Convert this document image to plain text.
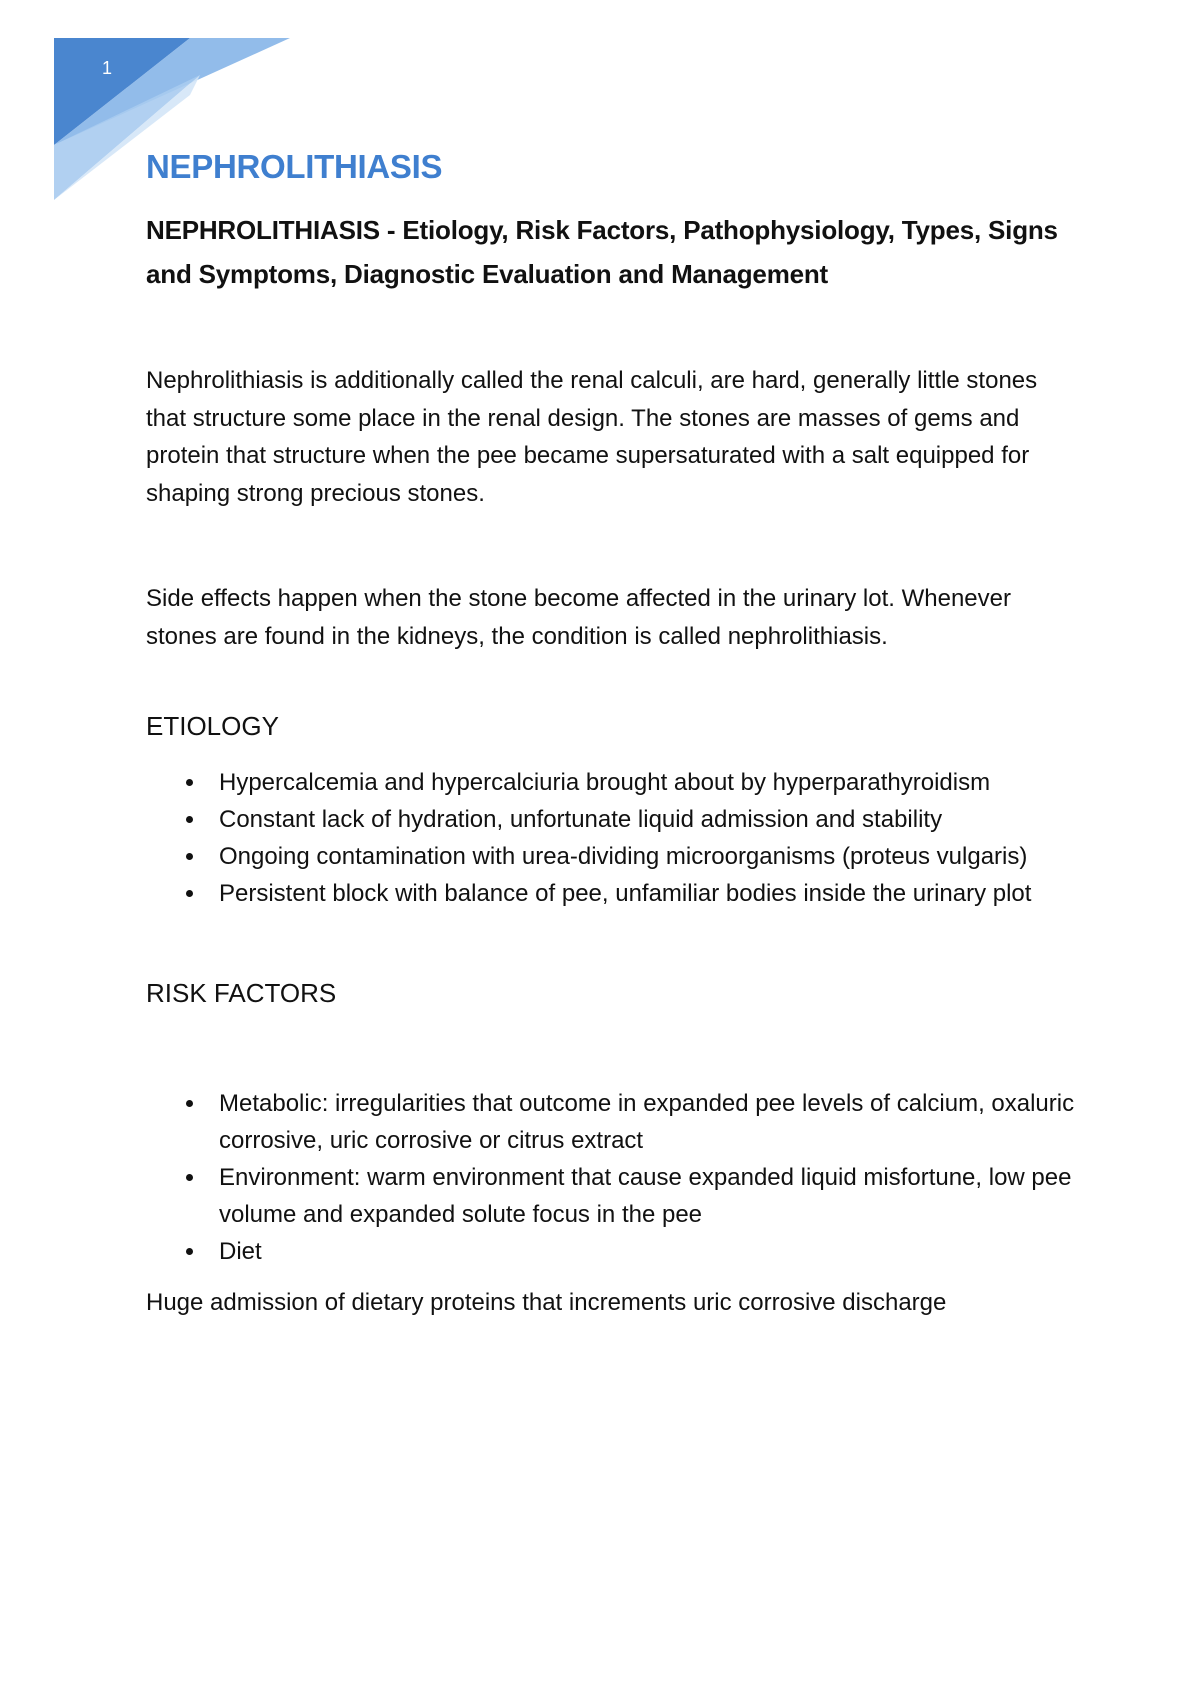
1
NEPHROLITHIASIS
NEPHROLITHIASIS - Etiology, Risk Factors, Pathophysiology, Types, Signs and Symptoms, Diagnostic Evaluation and Management

Nephrolithiasis is additionally called the renal calculi, are hard, generally little stones that structure some place in the renal design. The stones are masses of gems and protein that structure when the pee became supersaturated with a salt equipped for shaping strong precious stones.

Side effects happen when the stone become affected in the urinary lot. Whenever stones are found in the kidneys, the condition is called nephrolithiasis.

ETIOLOGY
Hypercalcemia and hypercalciuria brought about by hyperparathyroidism
Constant lack of hydration, unfortunate liquid admission and stability
Ongoing contamination with urea-dividing microorganisms (proteus vulgaris)
Persistent block with balance of pee, unfamiliar bodies inside the urinary plot
RISK FACTORS
Metabolic: irregularities that outcome in expanded pee levels of calcium, oxaluric corrosive, uric corrosive or citrus extract
Environment: warm environment that cause expanded liquid misfortune, low pee volume and expanded solute focus in the pee
Diet

Huge admission of dietary proteins that increments uric corrosive discharge
